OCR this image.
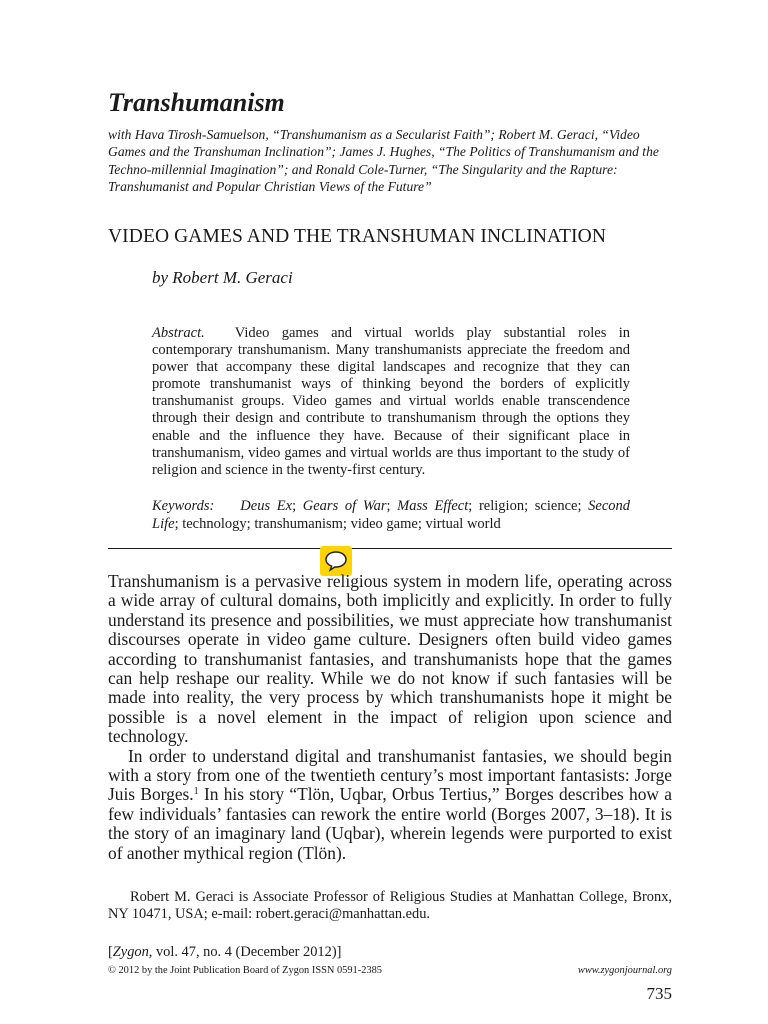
Transhumanism

with Hava Tirosh-Samuelson, “Transhumanism as a Secularist Faith”; Robert M. Geraci, “Video Games and the Transhuman Inclination”; James J. Hughes, “The Politics of Transhumanism and the Techno-millennial Imagination”; and Ronald Cole-Turner, “The Singularity and the Rapture: Transhumanist and Popular Christian Views of the Future”

VIDEO GAMES AND THE TRANSHUMAN INCLINATION

by Robert M. Geraci

Abstract. Video games and virtual worlds play substantial roles in contemporary transhumanism. Many transhumanists appreciate the freedom and power that accompany these digital landscapes and recognize that they can promote transhumanist ways of thinking beyond the borders of explicitly transhumanist groups. Video games and virtual worlds enable transcendence through their design and contribute to transhumanism through the options they enable and the influence they have. Because of their significant place in transhumanism, video games and virtual worlds are thus important to the study of religion and science in the twenty-first century.

Keywords: Deus Ex; Gears of War; Mass Effect; religion; science; Second Life; technology; transhumanism; video game; virtual world

Transhumanism is a pervasive religious system in modern life, operating across a wide array of cultural domains, both implicitly and explicitly. In order to fully understand its presence and possibilities, we must appreciate how transhumanist discourses operate in video game culture. Designers often build video games according to transhumanist fantasies, and transhumanists hope that the games can help reshape our reality. While we do not know if such fantasies will be made into reality, the very process by which transhumanists hope it might be possible is a novel element in the impact of religion upon science and technology.

In order to understand digital and transhumanist fantasies, we should begin with a story from one of the twentieth century’s most important fantasists: Jorge Juis Borges.$^1$ In his story “Tlön, Uqbar, Orbus Tertius,” Borges describes how a few individuals’ fantasies can rework the entire world (Borges 2007, 3–18). It is the story of an imaginary land (Uqbar), wherein legends were purported to exist of another mythical region (Tlön).

Robert M. Geraci is Associate Professor of Religious Studies at Manhattan College, Bronx, NY 10471, USA; e-mail: robert.geraci@manhattan.edu.

[Zygon, vol. 47, no. 4 (December 2012)]

© 2012 by the Joint Publication Board of Zygon ISSN 0591-2385	www.zygonjournal.org

735
